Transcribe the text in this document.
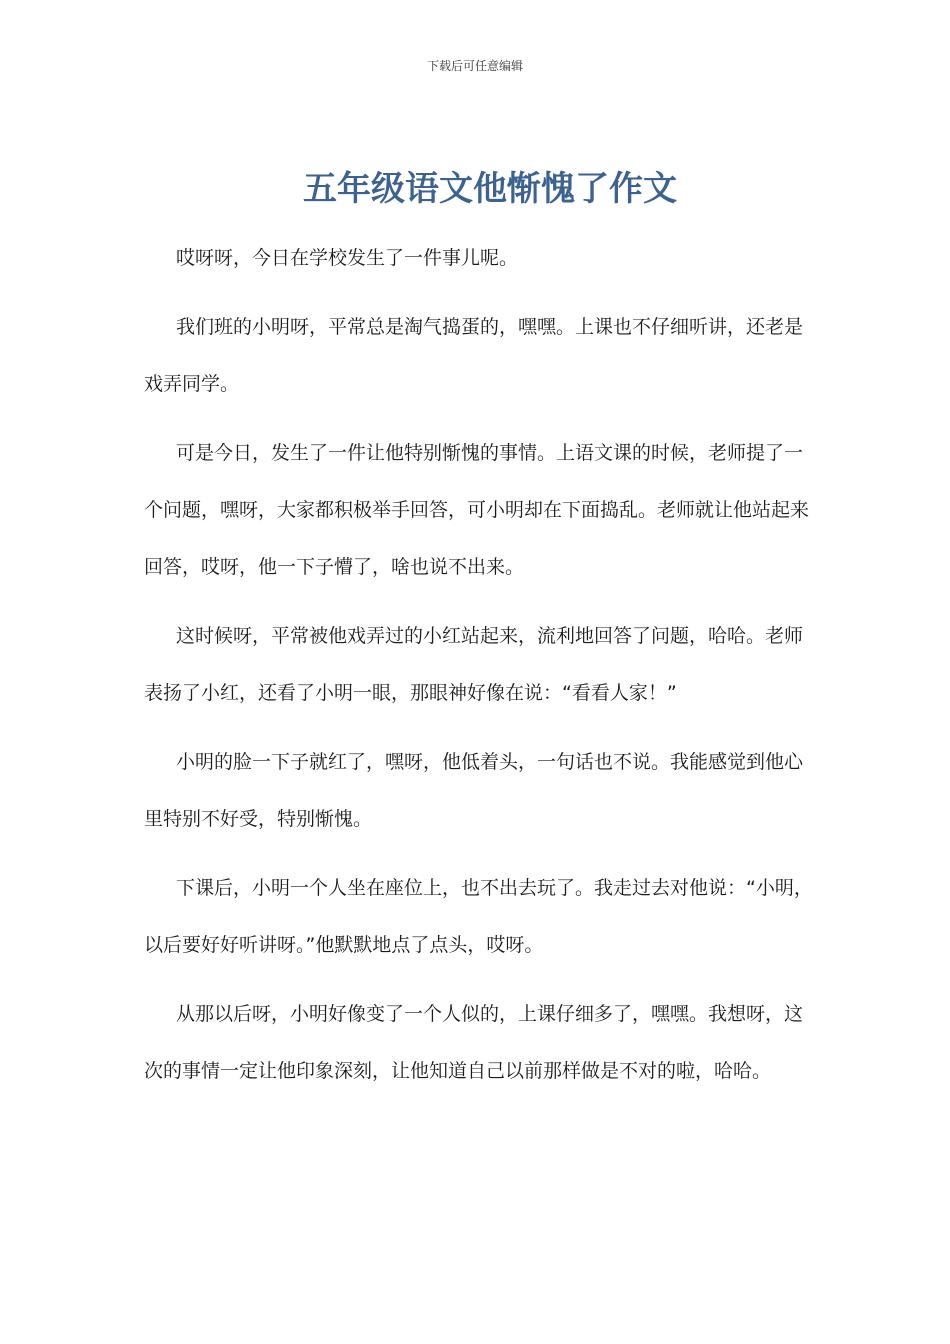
下载后可任意编辑
五年级语文他惭愧了作文

哎呀呀，今日在学校发生了一件事儿呢。

我们班的小明呀，平常总是淘气捣蛋的，嘿嘿。上课也不仔细听讲，还老是戏弄同学。

可是今日，发生了一件让他特别惭愧的事情。上语文课的时候，老师提了一个问题，嘿呀，大家都积极举手回答，可小明却在下面捣乱。老师就让他站起来回答，哎呀，他一下子懵了，啥也说不出来。

这时候呀，平常被他戏弄过的小红站起来，流利地回答了问题，哈哈。老师表扬了小红，还看了小明一眼，那眼神好像在说：“看看人家！”

小明的脸一下子就红了，嘿呀，他低着头，一句话也不说。我能感觉到他心里特别不好受，特别惭愧。

下课后，小明一个人坐在座位上，也不出去玩了。我走过去对他说：“小明，以后要好好听讲呀。”他默默地点了点头，哎呀。

从那以后呀，小明好像变了一个人似的，上课仔细多了，嘿嘿。我想呀，这次的事情一定让他印象深刻，让他知道自己以前那样做是不对的啦，哈哈。
